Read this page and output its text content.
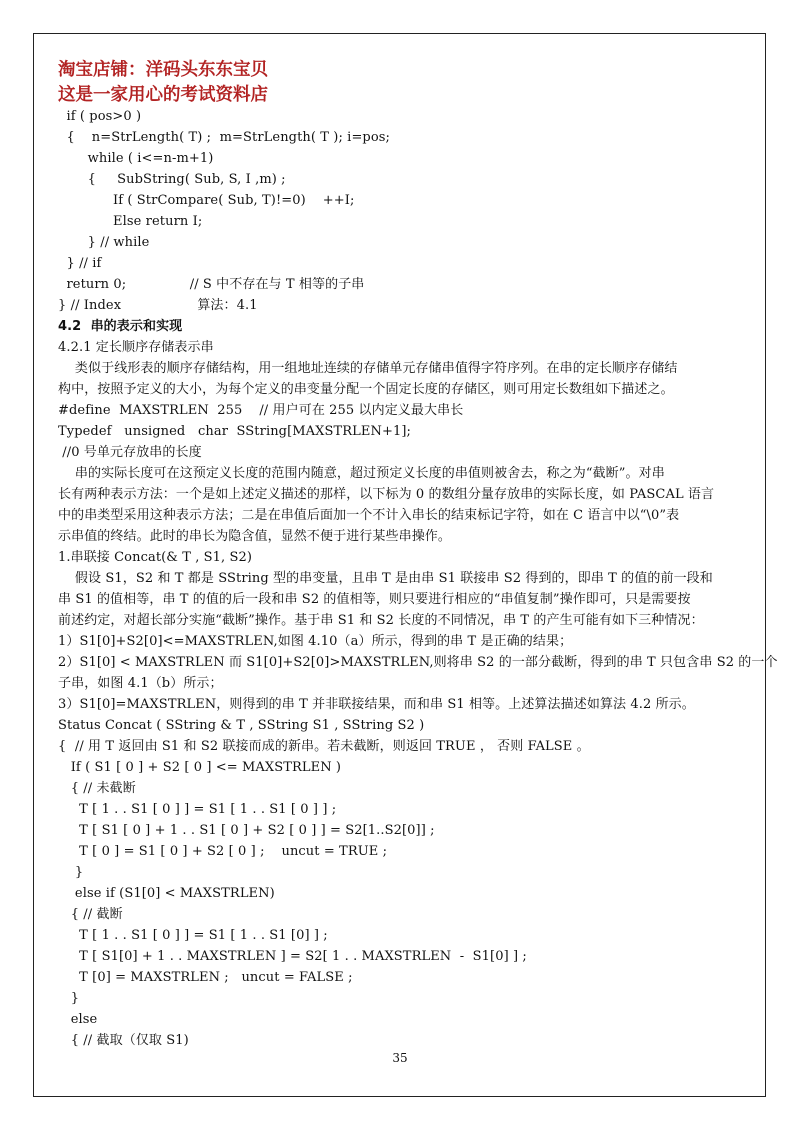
淘宝店铺：洋码头东东宝贝
这是一家用心的考试资料店
if ( pos>0 )
{    n=StrLength( T) ;  m=StrLength( T ); i=pos;
while ( i<=n-m+1)
{     SubString( Sub, S, I ,m) ;
If ( StrCompare( Sub, T)!=0)    ++I;
Else return I;
} // while
} // if
return 0;               // S 中不存在与 T 相等的子串
} // Index                  算法：4.1
4.2  串的表示和实现
4.2.1 定长顺序存储表示串
类似于线形表的顺序存储结构，用一组地址连续的存储单元存储串值得字符序列。在串的定长顺序存储结
构中，按照予定义的大小，为每个定义的串变量分配一个固定长度的存储区，则可用定长数组如下描述之。
#define  MAXSTRLEN  255    // 用户可在 255 以内定义最大串长
Typedef   unsigned   char  SString[MAXSTRLEN+1];
//0 号单元存放串的长度
串的实际长度可在这预定义长度的范围内随意，超过预定义长度的串值则被舍去，称之为“截断”。对串
长有两种表示方法：一个是如上述定义描述的那样，以下标为 0 的数组分量存放串的实际长度，如 PASCAL 语言
中的串类型采用这种表示方法；二是在串值后面加一个不计入串长的结束标记字符，如在 C 语言中以“\0”表
示串值的终结。此时的串长为隐含值，显然不便于进行某些串操作。
1.串联接 Concat(& T , S1, S2)
假设 S1，S2 和 T 都是 SString 型的串变量，且串 T 是由串 S1 联接串 S2 得到的，即串 T 的值的前一段和
串 S1 的值相等，串 T 的值的后一段和串 S2 的值相等，则只要进行相应的“串值复制”操作即可，只是需要按
前述约定，对超长部分实施“截断”操作。基于串 S1 和 S2 长度的不同情况，串 T 的产生可能有如下三种情况：
1）S1[0]+S2[0]<=MAXSTRLEN,如图 4.10（a）所示，得到的串 T 是正确的结果；
2）S1[0] < MAXSTRLEN 而 S1[0]+S2[0]>MAXSTRLEN,则将串 S2 的一部分截断，得到的串 T 只包含串 S2 的一个
子串，如图 4.1（b）所示；
3）S1[0]=MAXSTRLEN，则得到的串 T 并非联接结果，而和串 S1 相等。上述算法描述如算法 4.2 所示。
Status Concat ( SString & T , SString S1 , SString S2 )
{  // 用 T 返回由 S1 和 S2 联接而成的新串。若未截断，则返回 TRUE ， 否则 FALSE 。
If ( S1 [ 0 ] + S2 [ 0 ] <= MAXSTRLEN )
{ // 未截断
T [ 1 . . S1 [ 0 ] ] = S1 [ 1 . . S1 [ 0 ] ] ;
T [ S1 [ 0 ] + 1 . . S1 [ 0 ] + S2 [ 0 ] ] = S2[1..S2[0]] ;
T [ 0 ] = S1 [ 0 ] + S2 [ 0 ] ;    uncut = TRUE ;
}
else if (S1[0] < MAXSTRLEN)
{ // 截断
T [ 1 . . S1 [ 0 ] ] = S1 [ 1 . . S1 [0] ] ;
T [ S1[0] + 1 . . MAXSTRLEN ] = S2[ 1 . . MAXSTRLEN  -  S1[0] ] ;
T [0] = MAXSTRLEN ;   uncut = FALSE ;
}
else
{ // 截取（仅取 S1)
35
